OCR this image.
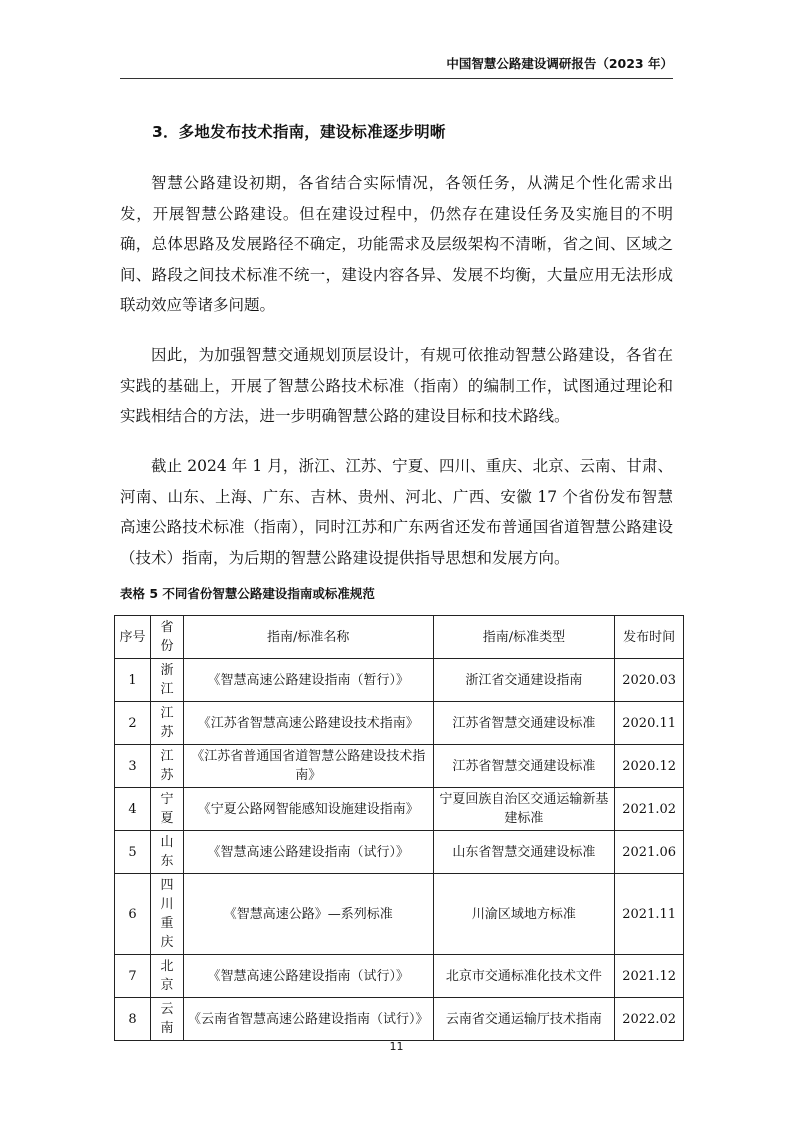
中国智慧公路建设调研报告（2023 年）
3．多地发布技术指南，建设标准逐步明晰

智慧公路建设初期，各省结合实际情况，各领任务，从满足个性化需求出发，开展智慧公路建设。但在建设过程中，仍然存在建设任务及实施目的不明确，总体思路及发展路径不确定，功能需求及层级架构不清晰，省之间、区域之间、路段之间技术标准不统一，建设内容各异、发展不均衡，大量应用无法形成联动效应等诸多问题。

因此，为加强智慧交通规划顶层设计，有规可依推动智慧公路建设，各省在实践的基础上，开展了智慧公路技术标准（指南）的编制工作，试图通过理论和实践相结合的方法，进一步明确智慧公路的建设目标和技术路线。

截止 2024 年 1 月，浙江、江苏、宁夏、四川、重庆、北京、云南、甘肃、河南、山东、上海、广东、吉林、贵州、河北、广西、安徽 17 个省份发布智慧高速公路技术标准（指南），同时江苏和广东两省还发布普通国省道智慧公路建设（技术）指南，为后期的智慧公路建设提供指导思想和发展方向。

表格 5 不同省份智慧公路建设指南或标准规范
序号	省份	指南/标准名称	指南/标准类型	发布时间
1	浙江	《智慧高速公路建设指南（暂行）》	浙江省交通建设指南	2020.03
2	江苏	《江苏省智慧高速公路建设技术指南》	江苏省智慧交通建设标准	2020.11
3	江苏	《江苏省普通国省道智慧公路建设技术指南》	江苏省智慧交通建设标准	2020.12
4	宁夏	《宁夏公路网智能感知设施建设指南》	宁夏回族自治区交通运输新基建标准	2021.02
5	山东	《智慧高速公路建设指南（试行）》	山东省智慧交通建设标准	2021.06
6	四川重庆	《智慧高速公路》—系列标准	川渝区域地方标准	2021.11
7	北京	《智慧高速公路建设指南（试行）》	北京市交通标准化技术文件	2021.12
8	云南	《云南省智慧高速公路建设指南（试行）》	云南省交通运输厅技术指南	2022.02
11
